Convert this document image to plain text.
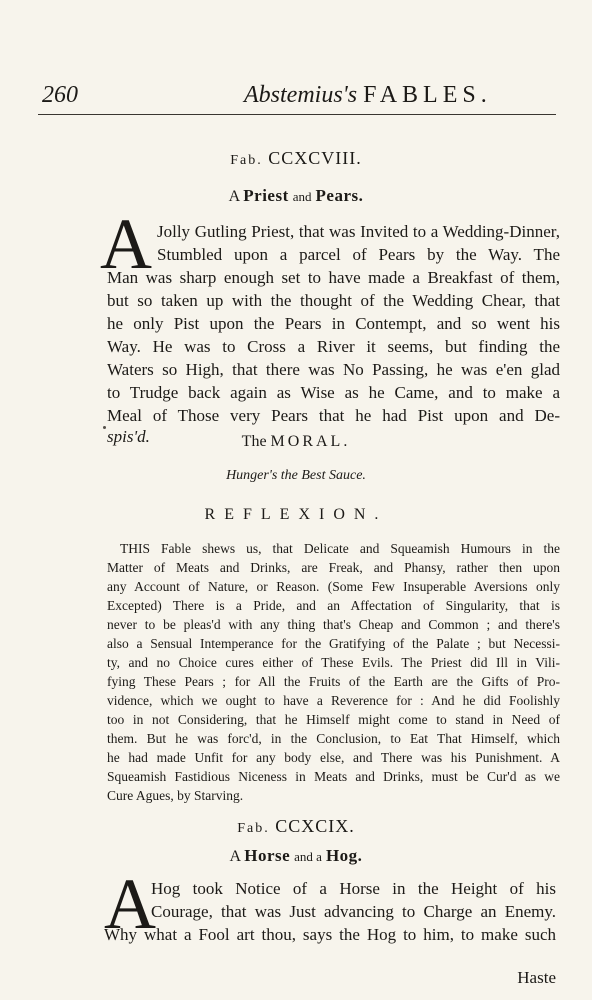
260	Abstemius's FABLES.
Fab. CCXCVIII.
A Priest and Pears.
A Jolly Gutling Priest, that was Invited to a Wedding-Dinner,
Stumbled upon a parcel of Pears by the Way. The
Man was sharp enough set to have made a Breakfast of them,
but so taken up with the thought of the Wedding Chear, that
he only Pist upon the Pears in Contempt, and so went his
Way. He was to Cross a River it seems, but finding the
Waters so High, that there was No Passing, he was e'en glad
to Trudge back again as Wise as he Came, and to make a
Meal of Those very Pears that he had Pist upon and De-
spis'd.	The MORAL.
Hunger's the Best Sauce.
REFLEXION.
THIS Fable shews us, that Delicate and Squeamish Humours in the
Matter of Meats and Drinks, are Freak, and Phansy, rather then upon
any Account of Nature, or Reason. (Some Few Insuperable Aversions only
Excepted) There is a Pride, and an Affectation of Singularity, that is
never to be pleas'd with any thing that's Cheap and Common ; and there's
also a Sensual Intemperance for the Gratifying of the Palate ; but Necessi-
ty, and no Choice cures either of These Evils. The Priest did Ill in Vili-
fying These Pears ; for All the Fruits of the Earth are the Gifts of Pro-
vidence, which we ought to have a Reverence for : And he did Foolishly
too in not Considering, that he Himself might come to stand in Need of
them. But he was forc'd, in the Conclusion, to Eat That Himself, which
he had made Unfit for any body else, and There was his Punishment. A
Squeamish Fastidious Niceness in Meats and Drinks, must be Cur'd as we
Cure Agues, by Starving.
Fab. CCXCIX.
A Horse and a Hog.
A
Hog took Notice of a Horse in the Height of his
Courage, that was Just advancing to Charge an Enemy.
Why what a Fool art thou, says the Hog to him, to make such
Haste
